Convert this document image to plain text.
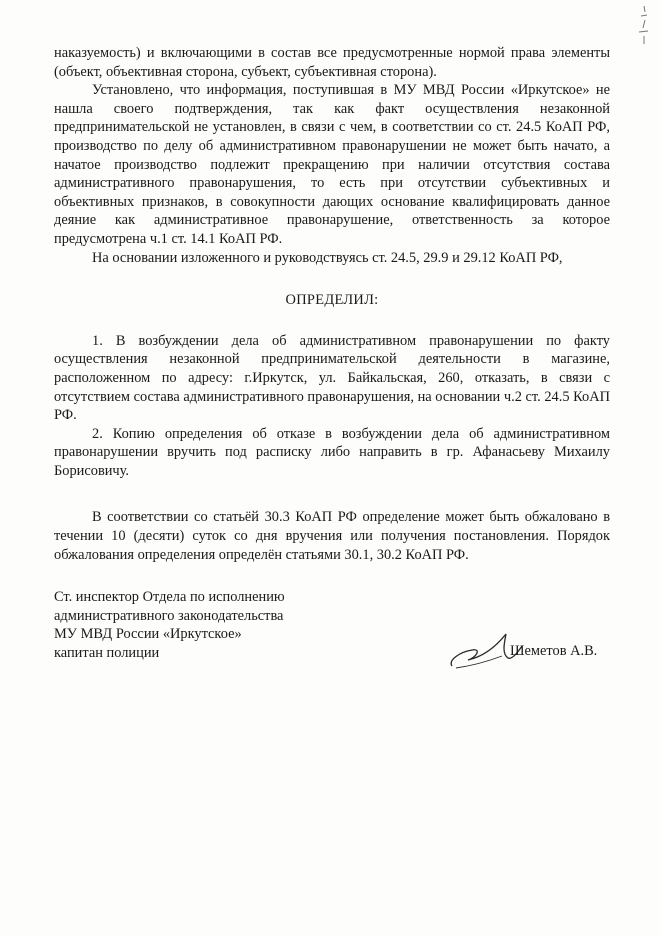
наказуемость) и включающими в состав все предусмотренные нормой права элементы (объект, объективная сторона, субъект, субъективная сторона).

Установлено, что информация, поступившая в МУ МВД России «Иркутское» не нашла своего подтверждения, так как факт осуществления незаконной предпринимательской не установлен, в связи с чем, в соответствии со ст. 24.5 КоАП РФ, производство по делу об административном правонарушении не может быть начато, а начатое производство подлежит прекращению при наличии отсутствия состава административного правонарушения, то есть при отсутствии субъективных и объективных признаков, в совокупности дающих основание квалифицировать данное деяние как административное правонарушение, ответственность за которое предусмотрена ч.1 ст. 14.1 КоАП РФ.

На основании изложенного и руководствуясь ст. 24.5, 29.9 и 29.12 КоАП РФ,

ОПРЕДЕЛИЛ:

1. В возбуждении дела об административном правонарушении по факту осуществления незаконной предпринимательской деятельности в магазине, расположенном по адресу: г.Иркутск, ул. Байкальская, 260, отказать, в связи с отсутствием состава административного правонарушения, на основании ч.2 ст. 24.5 КоАП РФ.

2. Копию определения об отказе в возбуждении дела об административном правонарушении вручить под расписку либо направить в гр. Афанасьеву Михаилу Борисовичу.

В соответствии со статьёй 30.3 КоАП РФ определение может быть обжаловано в течении 10 (десяти) суток со дня вручения или получения постановления. Порядок обжалования определения определён статьями 30.1, 30.2 КоАП РФ.

Ст. инспектор Отдела по исполнению
административного законодательства
МУ МВД России «Иркутское»
капитан полиции	Шеметов А.В.
